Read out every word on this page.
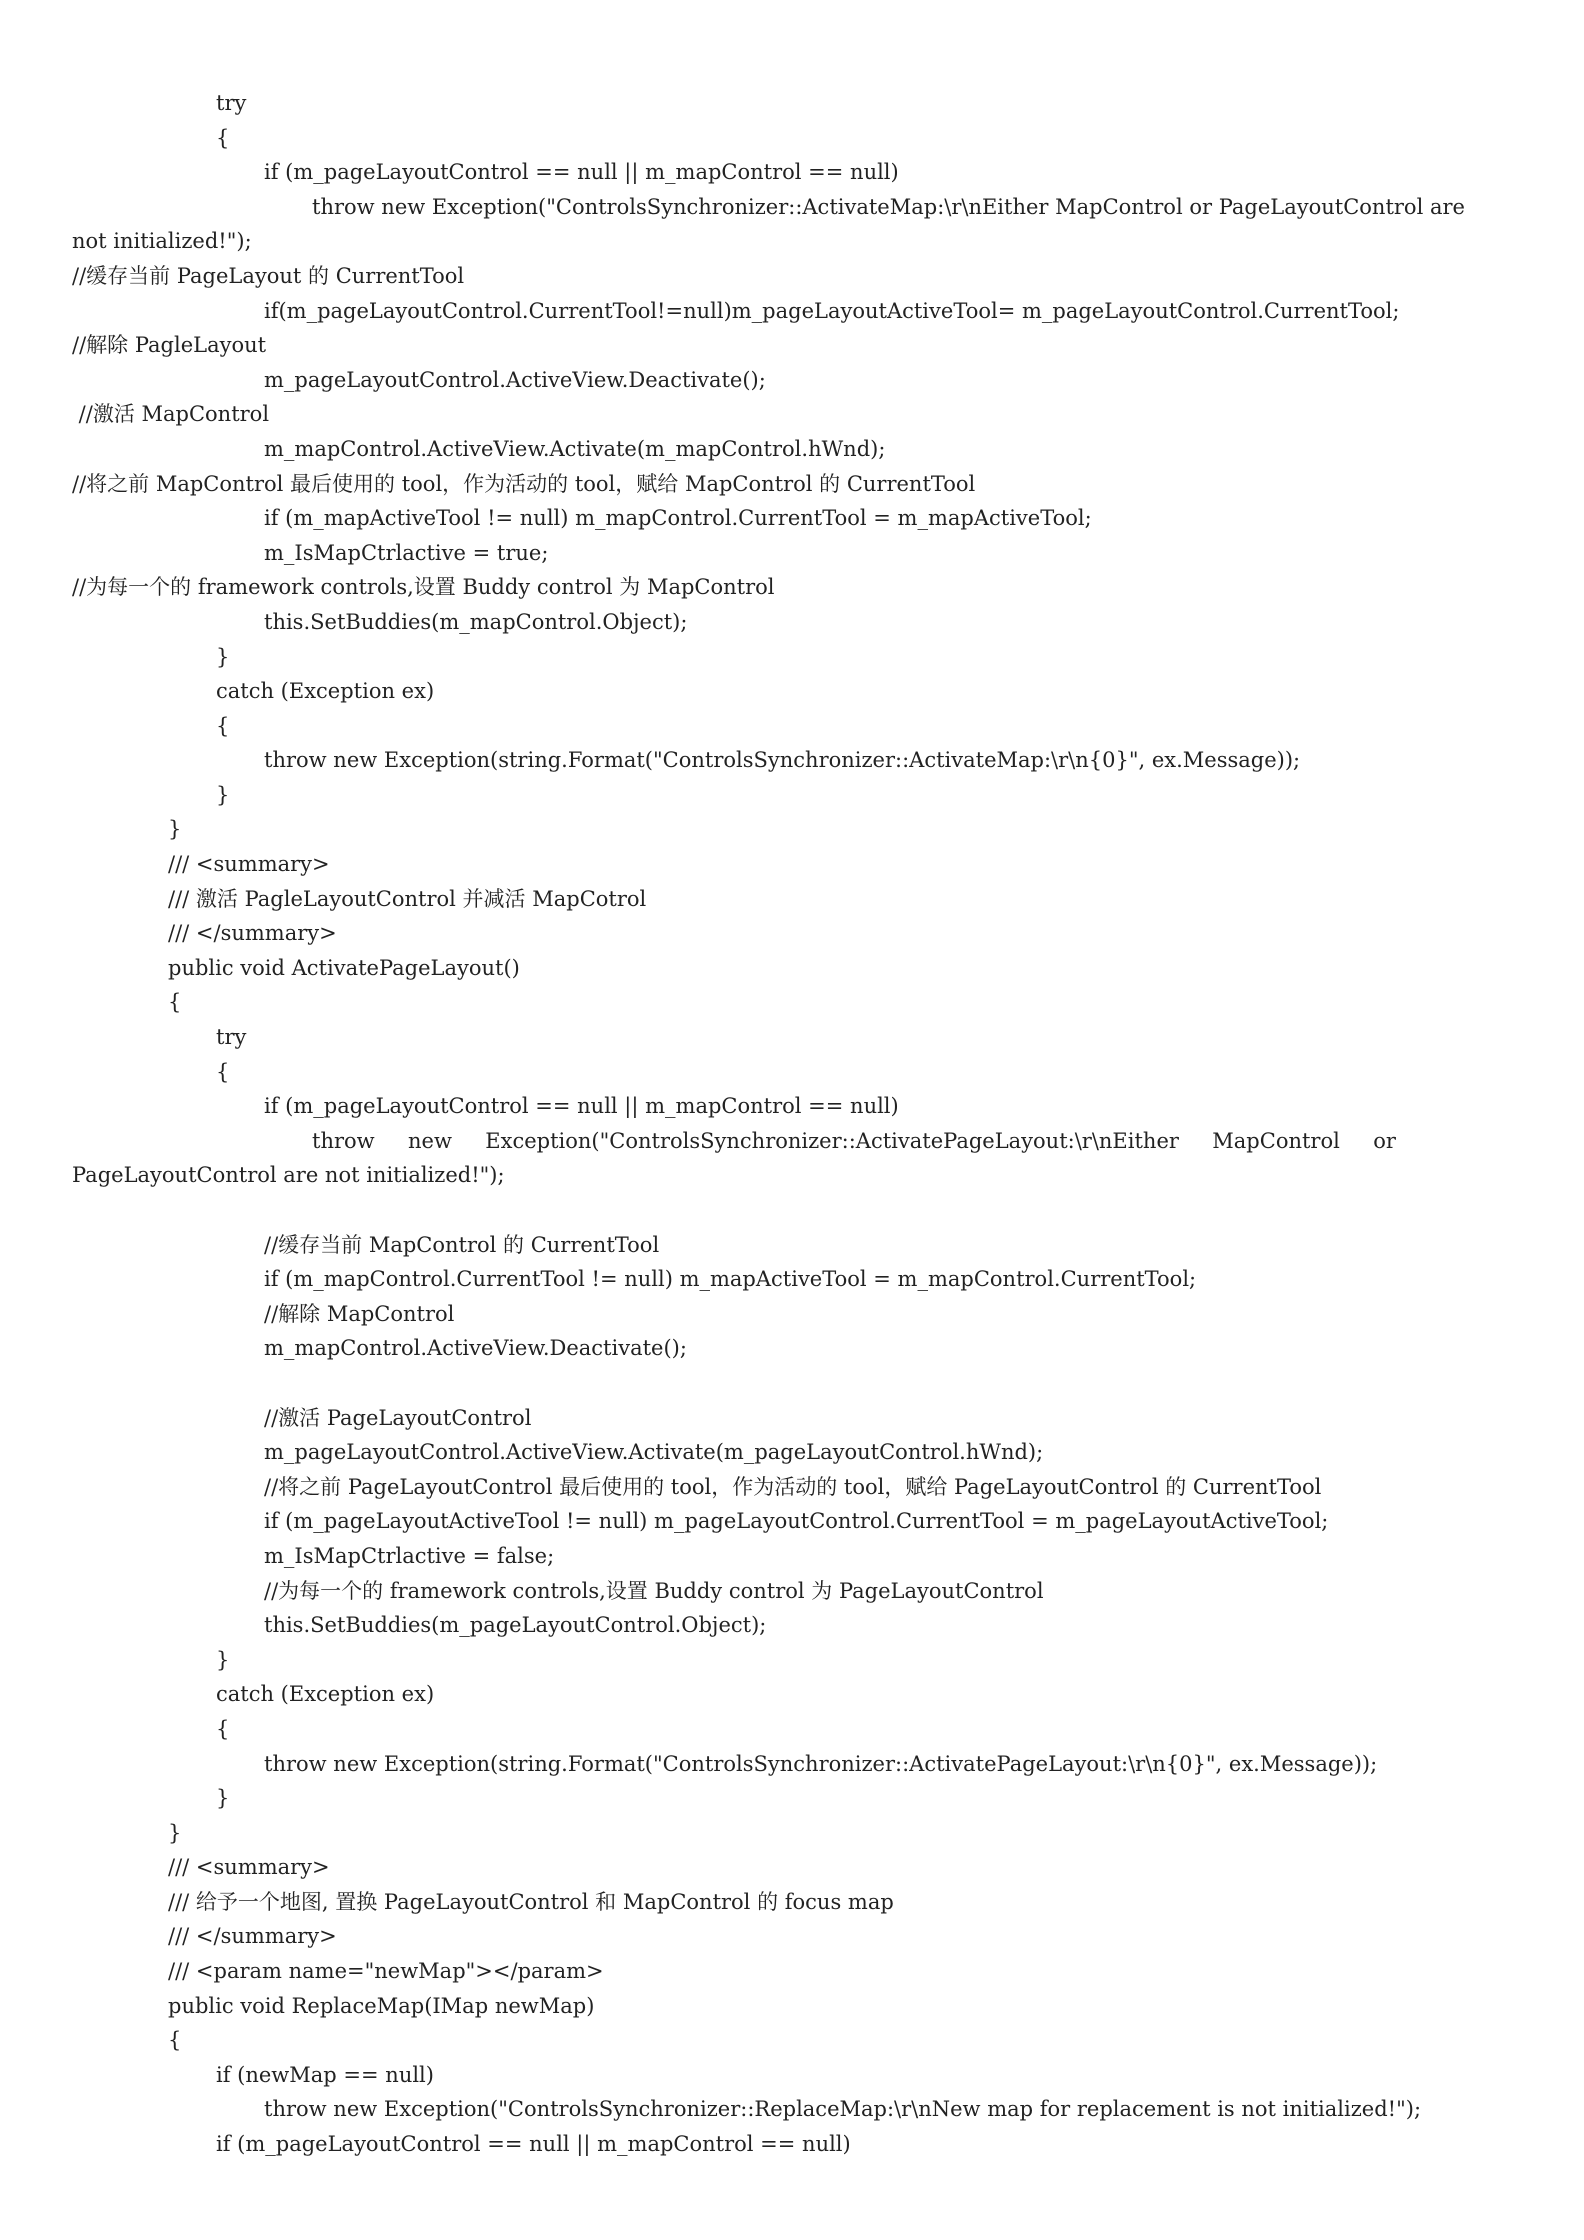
try
{
if (m_pageLayoutControl == null || m_mapControl == null)
throw new Exception("ControlsSynchronizer::ActivateMap:\r\nEither MapControl or PageLayoutControl are
not initialized!");
//缓存当前 PageLayout 的 CurrentTool
if(m_pageLayoutControl.CurrentTool!=null)m_pageLayoutActiveTool= m_pageLayoutControl.CurrentTool;
//解除 PagleLayout
m_pageLayoutControl.ActiveView.Deactivate();
//激活 MapControl
m_mapControl.ActiveView.Activate(m_mapControl.hWnd);
//将之前 MapControl 最后使用的 tool，作为活动的 tool，赋给 MapControl 的 CurrentTool
if (m_mapActiveTool != null) m_mapControl.CurrentTool = m_mapActiveTool;
m_IsMapCtrlactive = true;
//为每一个的 framework controls,设置 Buddy control 为 MapControl
this.SetBuddies(m_mapControl.Object);
}
catch (Exception ex)
{
throw new Exception(string.Format("ControlsSynchronizer::ActivateMap:\r\n{0}", ex.Message));
}
}
/// <summary>
/// 激活 PagleLayoutControl 并减活 MapCotrol
/// </summary>
public void ActivatePageLayout()
{
try
{
if (m_pageLayoutControl == null || m_mapControl == null)
throw     new     Exception("ControlsSynchronizer::ActivatePageLayout:\r\nEither     MapControl     or
PageLayoutControl are not initialized!");
//缓存当前 MapControl 的 CurrentTool
if (m_mapControl.CurrentTool != null) m_mapActiveTool = m_mapControl.CurrentTool;
//解除 MapControl
m_mapControl.ActiveView.Deactivate();
//激活 PageLayoutControl
m_pageLayoutControl.ActiveView.Activate(m_pageLayoutControl.hWnd);
//将之前 PageLayoutControl 最后使用的 tool，作为活动的 tool，赋给 PageLayoutControl 的 CurrentTool
if (m_pageLayoutActiveTool != null) m_pageLayoutControl.CurrentTool = m_pageLayoutActiveTool;
m_IsMapCtrlactive = false;
//为每一个的 framework controls,设置 Buddy control 为 PageLayoutControl
this.SetBuddies(m_pageLayoutControl.Object);
}
catch (Exception ex)
{
throw new Exception(string.Format("ControlsSynchronizer::ActivatePageLayout:\r\n{0}", ex.Message));
}
}
/// <summary>
/// 给予一个地图, 置换 PageLayoutControl 和 MapControl 的 focus map
/// </summary>
/// <param name="newMap"></param>
public void ReplaceMap(IMap newMap)
{
if (newMap == null)
throw new Exception("ControlsSynchronizer::ReplaceMap:\r\nNew map for replacement is not initialized!");
if (m_pageLayoutControl == null || m_mapControl == null)
